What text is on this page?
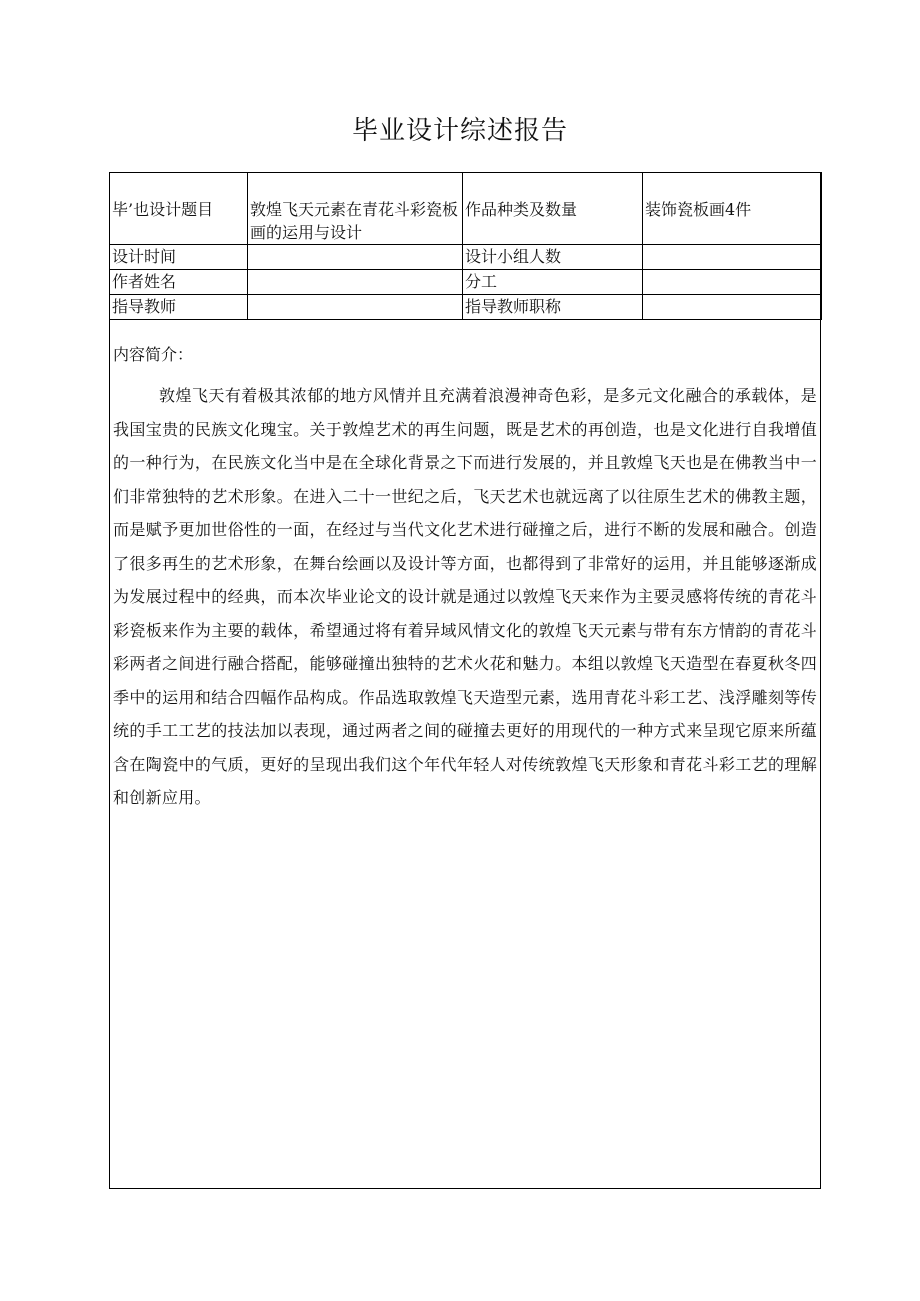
毕业设计综述报告
毕’也设计题目	敦煌飞天元素在青花斗彩瓷板画的运用与设计	作品种类及数量	装饰瓷板画4件
设计时间		设计小组人数	
作者姓名		分工	
指导教师		指导教师职称	
内容简介：
敦煌飞天有着极其浓郁的地方风情并且充满着浪漫神奇色彩，是多元文化融合的承载体，是我国宝贵的民族文化瑰宝。关于敦煌艺术的再生问题，既是艺术的再创造，也是文化进行自我增值的一种行为，在民族文化当中是在全球化背景之下而进行发展的，并且敦煌飞天也是在佛教当中一们非常独特的艺术形象。在进入二十一世纪之后，飞天艺术也就远离了以往原生艺术的佛教主题，而是赋予更加世俗性的一面，在经过与当代文化艺术进行碰撞之后，进行不断的发展和融合。创造了很多再生的艺术形象，在舞台绘画以及设计等方面，也都得到了非常好的运用，并且能够逐渐成为发展过程中的经典，而本次毕业论文的设计就是通过以敦煌飞天来作为主要灵感将传统的青花斗彩瓷板来作为主要的载体，希望通过将有着异域风情文化的敦煌飞天元素与带有东方情韵的青花斗彩两者之间进行融合搭配，能够碰撞出独特的艺术火花和魅力。本组以敦煌飞天造型在春夏秋冬四季中的运用和结合四幅作品构成。作品选取敦煌飞天造型元素，选用青花斗彩工艺、浅浮雕刻等传统的手工工艺的技法加以表现，通过两者之间的碰撞去更好的用现代的一种方式来呈现它原来所蕴含在陶瓷中的气质，更好的呈现出我们这个年代年轻人对传统敦煌飞天形象和青花斗彩工艺的理解和创新应用。
